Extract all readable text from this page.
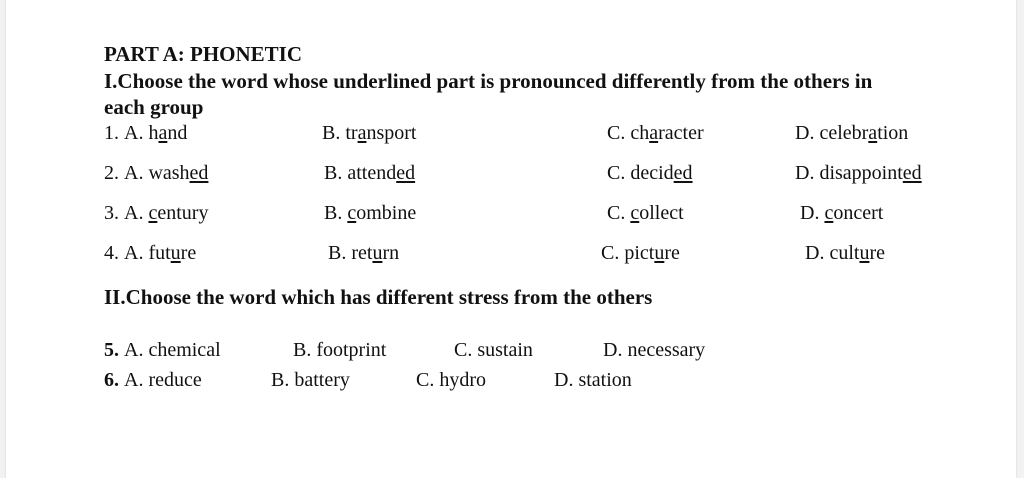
PART A: PHONETIC
I.Choose the word whose underlined part is pronounced differently from the others in
each group
1. A. hand	B. transport	C. character	D. celebration
2. A. washed	B. attended	C. decided	D. disappointed
3. A. century	B. combine	C. collect	D. concert
4. A. future	B. return	C. picture	D. culture
II.Choose the word which has different stress from the others
5. A. chemical	B. footprint	C. sustain	D. necessary
6. A. reduce	B. battery	C. hydro	D. station
